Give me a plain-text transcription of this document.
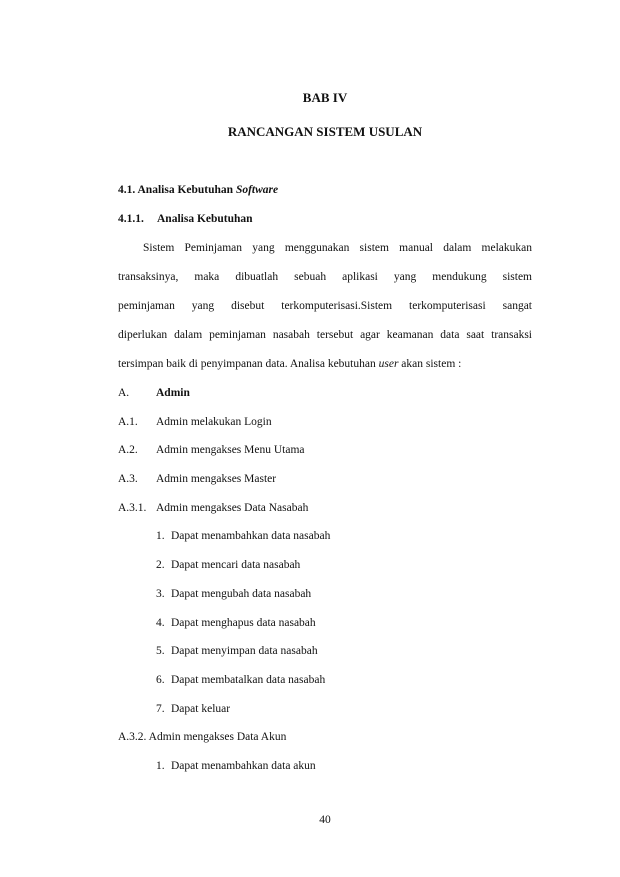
BAB IV
RANCANGAN SISTEM USULAN
4.1. Analisa Kebutuhan Software
4.1.1. Analisa Kebutuhan
Sistem Peminjaman yang menggunakan sistem manual dalam melakukan
transaksinya, maka dibuatlah sebuah aplikasi yang mendukung sistem
peminjaman yang disebut terkomputerisasi.Sistem terkomputerisasi sangat
diperlukan dalam peminjaman nasabah tersebut agar keamanan data saat transaksi
tersimpan baik di penyimpanan data. Analisa kebutuhan user akan sistem :
A. Admin
A.1. Admin melakukan Login
A.2. Admin mengakses Menu Utama
A.3. Admin mengakses Master
A.3.1. Admin mengakses Data Nasabah
1. Dapat menambahkan data nasabah
2. Dapat mencari data nasabah
3. Dapat mengubah data nasabah
4. Dapat menghapus data nasabah
5. Dapat menyimpan data nasabah
6. Dapat membatalkan data nasabah
7. Dapat keluar
A.3.2. Admin mengakses Data Akun
1. Dapat menambahkan data akun
40
